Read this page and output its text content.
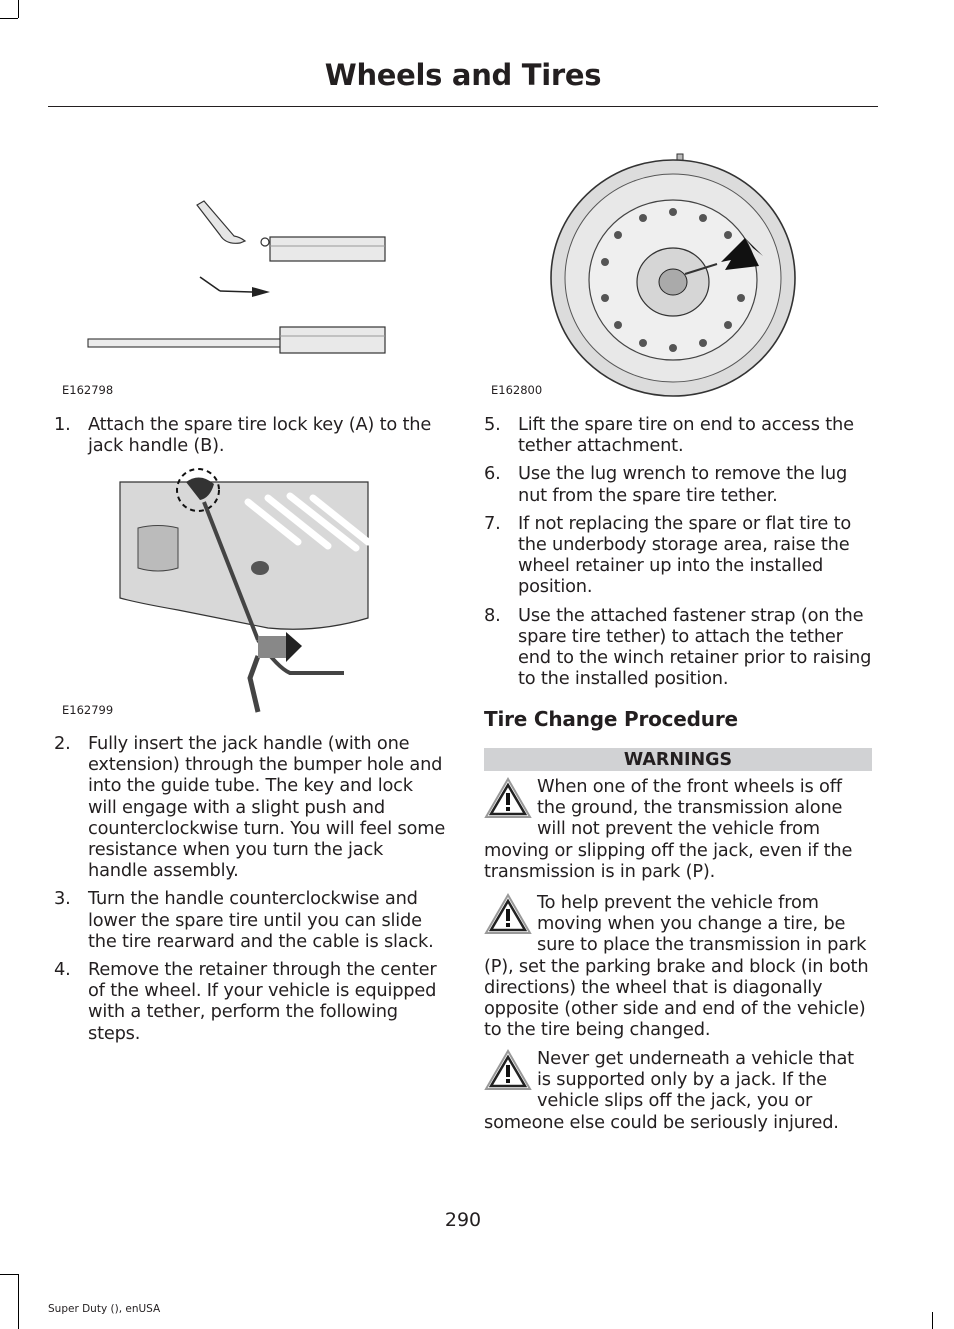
Wheels and Tires
E162798	E162800
1. Attach the spare tire lock key (A) to the jack handle (B).
E162799
2. Fully insert the jack handle (with one extension) through the bumper hole and into the guide tube. The key and lock will engage with a slight push and counterclockwise turn. You will feel some resistance when you turn the jack handle assembly.
3. Turn the handle counterclockwise and lower the spare tire until you can slide the tire rearward and the cable is slack.
4. Remove the retainer through the center of the wheel. If your vehicle is equipped with a tether, perform the following steps.
5. Lift the spare tire on end to access the tether attachment.
6. Use the lug wrench to remove the lug nut from the spare tire tether.
7. If not replacing the spare or flat tire to the underbody storage area, raise the wheel retainer up into the installed position.
8. Use the attached fastener strap (on the spare tire tether) to attach the tether end to the winch retainer prior to raising to the installed position.
Tire Change Procedure
WARNINGS
When one of the front wheels is off the ground, the transmission alone will not prevent the vehicle from moving or slipping off the jack, even if the transmission is in park (P).
To help prevent the vehicle from moving when you change a tire, be sure to place the transmission in park (P), set the parking brake and block (in both directions) the wheel that is diagonally opposite (other side and end of the vehicle) to the tire being changed.
Never get underneath a vehicle that is supported only by a jack. If the vehicle slips off the jack, you or someone else could be seriously injured.
290
Super Duty (), enUSA
